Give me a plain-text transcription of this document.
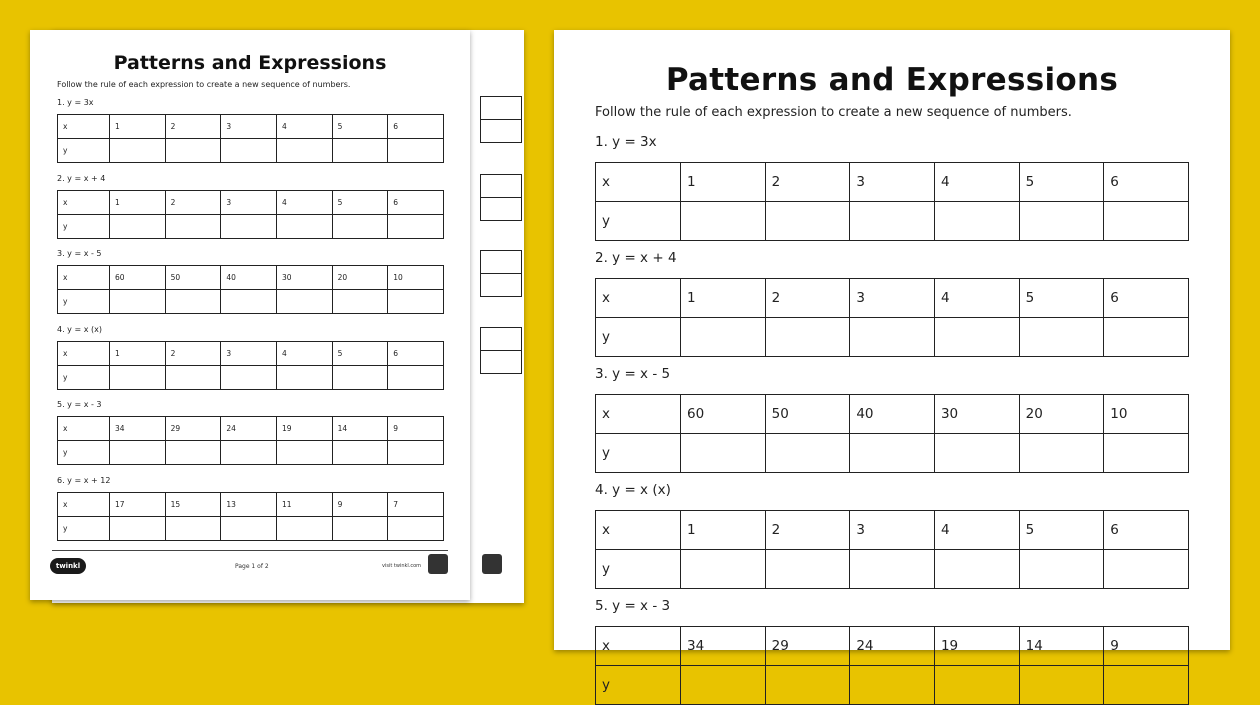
Patterns and Expressions
Follow the rule of each expression to create a new sequence of numbers.
1. y = 3x
x	1	2	3	4	5	6
y						
2. y = x + 4
x	1	2	3	4	5	6
y						
3. y = x - 5
x	60	50	40	30	20	10
y						
4. y = x (x)
x	1	2	3	4	5	6
y						
5. y = x - 3
x	34	29	24	19	14	9
y						
6. y = x + 12
x	17	15	13	11	9	7
y						
twinkl	Page 1 of 2	visit twinkl.com
Patterns and Expressions
Follow the rule of each expression to create a new sequence of numbers.
1. y = 3x
x	1	2	3	4	5	6
y						
2. y = x + 4
x	1	2	3	4	5	6
y						
3. y = x - 5
x	60	50	40	30	20	10
y						
4. y = x (x)
x	1	2	3	4	5	6
y						
5. y = x - 3
x	34	29	24	19	14	9
y						
